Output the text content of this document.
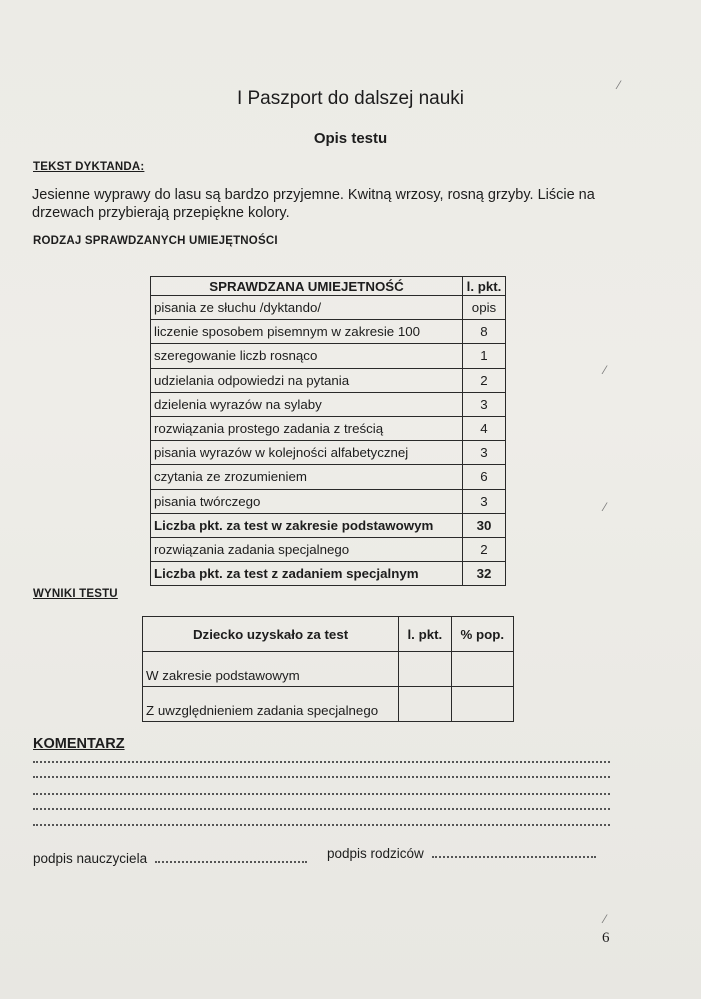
I Paszport do dalszej nauki
Opis testu
TEKST DYKTANDA:
Jesienne wyprawy do lasu są bardzo przyjemne. Kwitną wrzosy, rosną grzyby. Liście na drzewach przybierają przepiękne kolory.
RODZAJ SPRAWDZANYCH UMIEJĘTNOŚCI
SPRAWDZANA UMIEJETNOŚĆ	l. pkt.
pisania ze słuchu /dyktando/	opis
liczenie sposobem pisemnym w zakresie 100	8
szeregowanie liczb rosnąco	1
udzielania odpowiedzi na pytania	2
dzielenia wyrazów na sylaby	3
rozwiązania prostego zadania z treścią	4
pisania wyrazów w kolejności alfabetycznej	3
czytania ze zrozumieniem	6
pisania twórczego	3
Liczba pkt. za test w zakresie podstawowym	30
rozwiązania zadania specjalnego	2
Liczba pkt. za test z zadaniem specjalnym	32
WYNIKI TESTU
Dziecko uzyskało za test	l. pkt.	% pop.
W zakresie podstawowym		
Z uwzględnieniem zadania specjalnego		
KOMENTARZ
podpis nauczyciela	podpis rodziców
6
⁄
⁄
⁄
⁄
